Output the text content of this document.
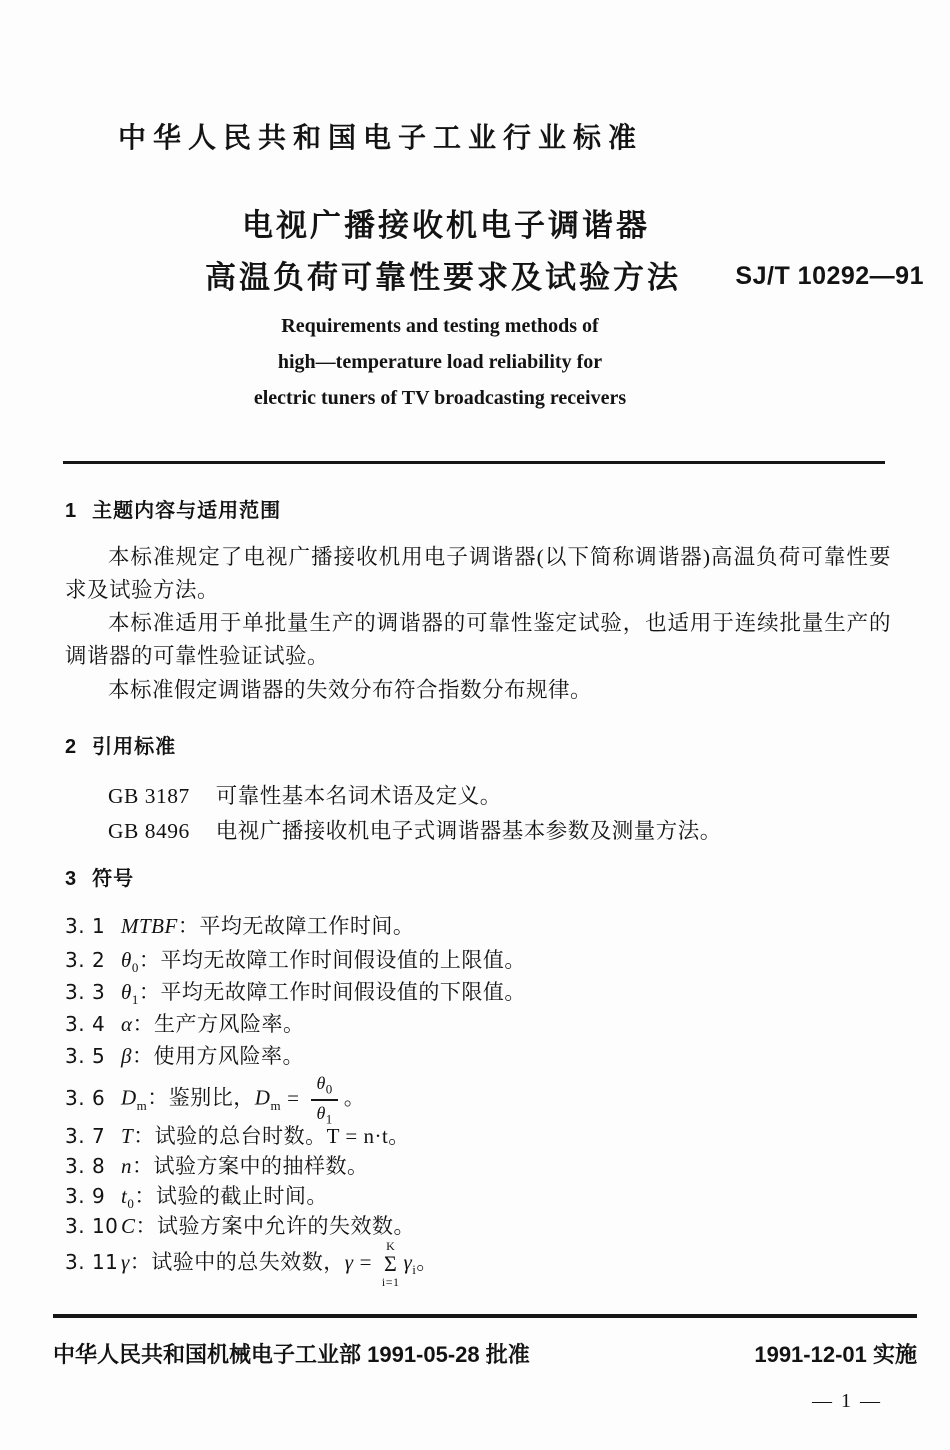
中华人民共和国电子工业行业标准
电视广播接收机电子调谐器
高温负荷可靠性要求及试验方法 SJ/T 10292—91
Requirements and testing methods of
high—temperature load reliability for
electric tuners of TV broadcasting receivers
1 主题内容与适用范围
本标准规定了电视广播接收机用电子调谐器(以下简称调谐器)高温负荷可靠性要求及试验方法。
本标准适用于单批量生产的调谐器的可靠性鉴定试验，也适用于连续批量生产的调谐器的可靠性验证试验。
本标准假定调谐器的失效分布符合指数分布规律。
2 引用标准
GB 3187 可靠性基本名词术语及定义。
GB 8496 电视广播接收机电子式调谐器基本参数及测量方法。
3 符号
3. 1 MTBF：平均无故障工作时间。
3. 2 $\theta_0$：平均无故障工作时间假设值的上限值。
3. 3 $\theta_1$：平均无故障工作时间假设值的下限值。
3. 4 α：生产方风险率。
3. 5 β：使用方风险率。
3. 6 $D_m$：鉴别比，$D_m = \frac{\theta_0}{\theta_1}$ 。
3. 7 T：试验的总台时数。T = n·t。
3. 8 n：试验方案中的抽样数。
3. 9 $t_0$：试验的截止时间。
3. 10 C：试验方案中允许的失效数。
3. 11 γ：试验中的总失效数，γ =
K
Σ
i=1
$\gamma_i$。
中华人民共和国机械电子工业部 1991-05-28 批准	1991-12-01 实施
— 1 —
